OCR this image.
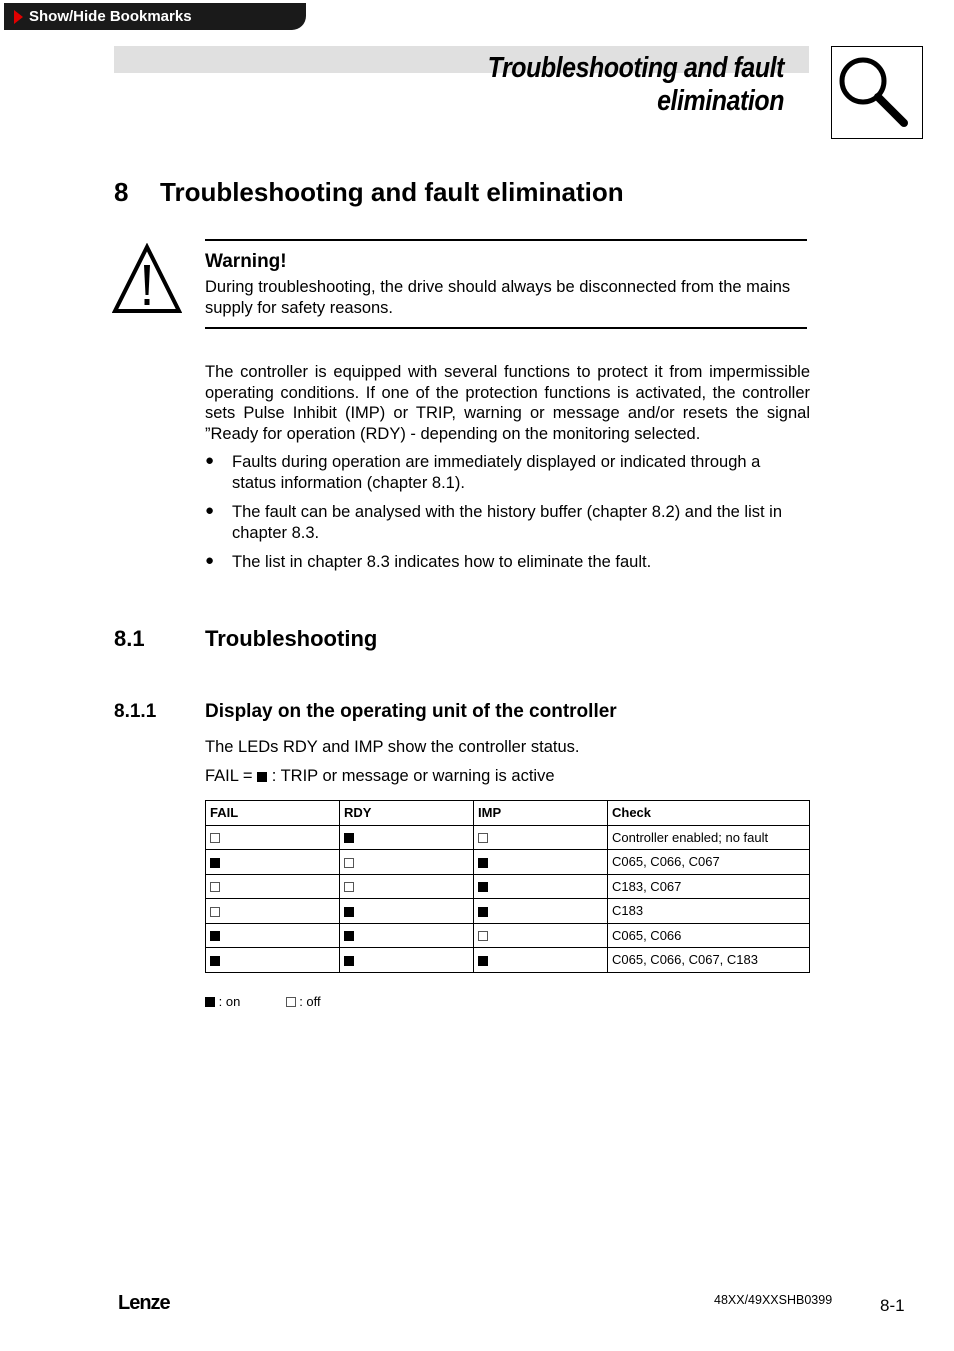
Show/Hide Bookmarks
Troubleshooting and fault elimination
8 Troubleshooting and fault elimination
Warning!
During troubleshooting, the drive should always be disconnected from the mains supply for safety reasons.
The controller is equipped with several functions to protect it from impermissible operating conditions. If one of the protection functions is activated, the controller sets Pulse Inhibit (IMP) or TRIP, warning or message and/or resets the signal ”Ready for operation (RDY) - depending on the monitoring selected.
● Faults during operation are immediately displayed or indicated through a status information (chapter 8.1).
● The fault can be analysed with the history buffer (chapter 8.2) and the list in chapter 8.3.
● The list in chapter 8.3 indicates how to eliminate the fault.
8.1	Troubleshooting
8.1.1	Display on the operating unit of the controller
The LEDs RDY and IMP show the controller status.
FAIL = : TRIP or message or warning is active
FAIL	RDY	IMP	Check
			Controller enabled; no fault
			C065, C066, C067
			C183, C067
			C183
			C065, C066
			C065, C066, C067, C183
: on	: off
Lenze	48XX/49XXSHB0399	8-1
